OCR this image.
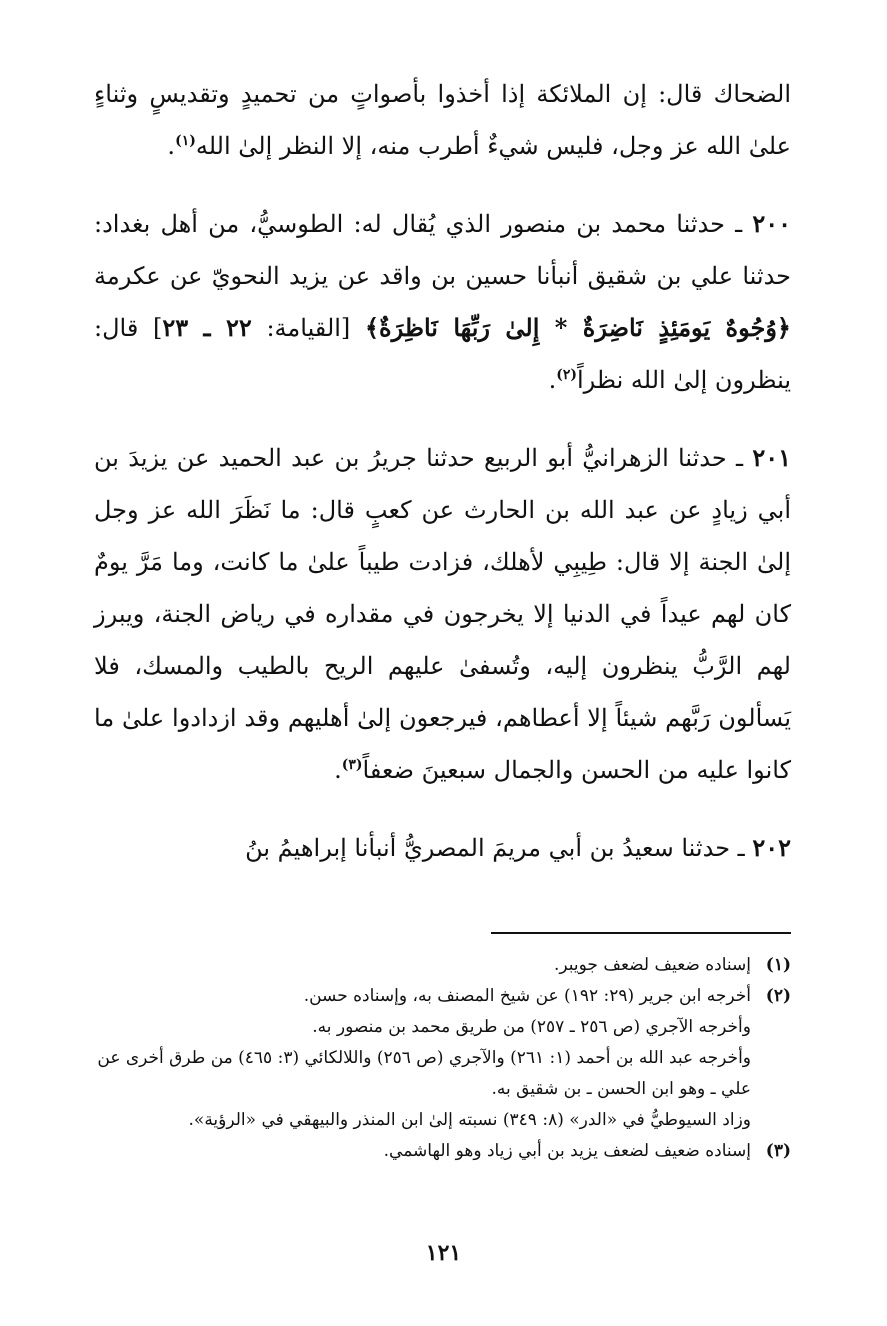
الضحاك قال: إن الملائكة إذا أخذوا بأصواتٍ من تحميدٍ وتقديسٍ وثناءٍ علىٰ الله عز وجل، فليس شيءٌ أطرب منه، إلا النظر إلىٰ الله$^{(١)}$.

٢٠٠ ـ حدثنا محمد بن منصور الذي يُقال له: الطوسيُّ، من أهل بغداد: حدثنا علي بن شقيق أنبأنا حسين بن واقد عن يزيد النحويّ عن عكرمة ﴿وُجُوهٌ يَومَئِذٍ نَاضِرَةٌ * إِلىٰ رَبِّهَا نَاظِرَةٌ﴾ [القيامة: ٢٢ ـ ٢٣] قال: ينظرون إلىٰ الله نظراً$^{(٢)}$.

٢٠١ ـ حدثنا الزهرانيُّ أبو الربيع حدثنا جريرُ بن عبد الحميد عن يزيدَ بن أبي زيادٍ عن عبد الله بن الحارث عن كعبٍ قال: ما نَظَرَ الله عز وجل إلىٰ الجنة إلا قال: طِيبِي لأهلك، فزادت طيباً علىٰ ما كانت، وما مَرَّ يومٌ كان لهم عيداً في الدنيا إلا يخرجون في مقداره في رياض الجنة، ويبرز لهم الرَّبُّ ينظرون إليه، وتُسفىٰ عليهم الريح بالطيب والمسك، فلا يَسألون رَبَّهم شيئاً إلا أعطاهم، فيرجعون إلىٰ أهليهم وقد ازدادوا علىٰ ما كانوا عليه من الحسن والجمال سبعينَ ضعفاً$^{(٣)}$.

٢٠٢ ـ حدثنا سعيدُ بن أبي مريمَ المصريُّ أنبأنا إبراهيمُ بنُ

(١)
إسناده ضعيف لضعف جويبر.
(٢)
أخرجه ابن جرير (٢٩: ١٩٢) عن شيخ المصنف به، وإسناده حسن.
وأخرجه الآجري (ص ٢٥٦ ـ ٢٥٧) من طريق محمد بن منصور به.
وأخرجه عبد الله بن أحمد (١: ٢٦١) والآجري (ص ٢٥٦) واللالكائي (٣: ٤٦٥) من طرق أخرى عن علي ـ وهو ابن الحسن ـ بن شقيق به.
وزاد السيوطيُّ في «الدر» (٨: ٣٤٩) نسبته إلىٰ ابن المنذر والبيهقي في «الرؤية».
(٣)
إسناده ضعيف لضعف يزيد بن أبي زياد وهو الهاشمي.
١٢١
